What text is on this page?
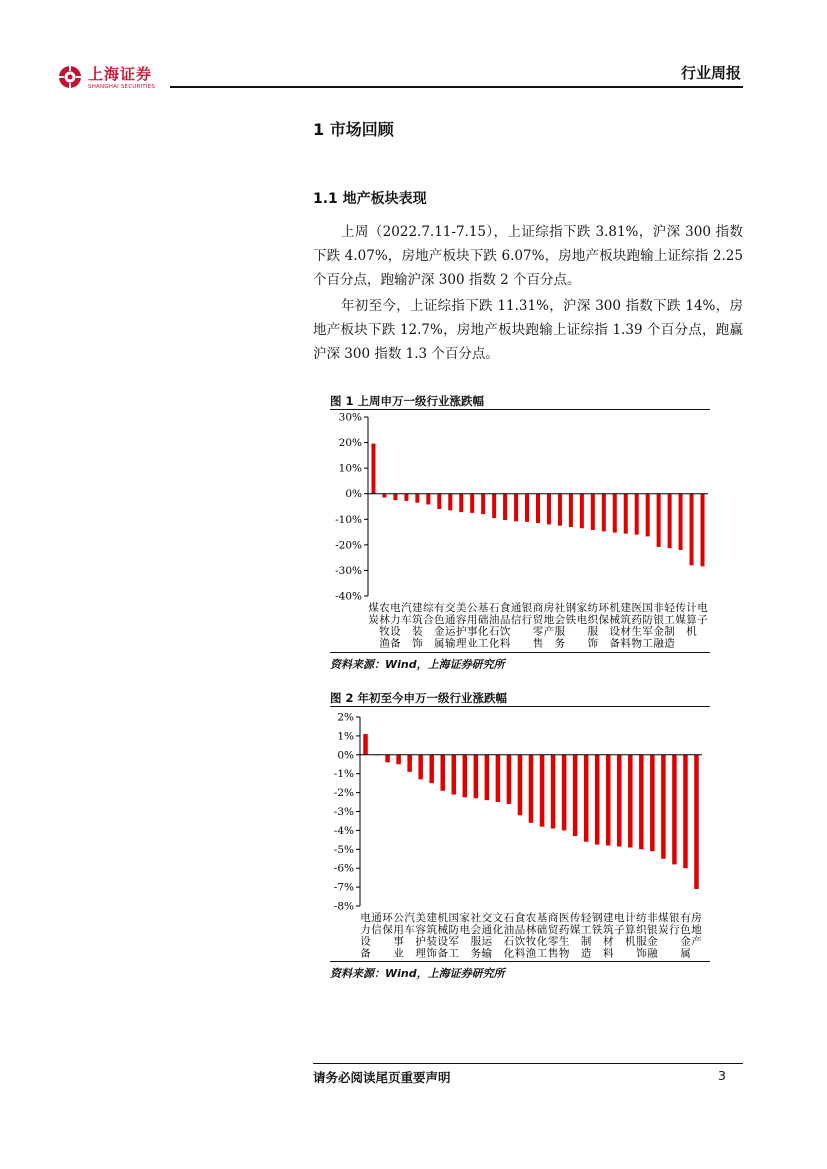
上海证券
SHANGHAI SECURITIES
行业周报
1 市场回顾
1.1 地产板块表现
上周（2022.7.11-7.15），上证综指下跌 3.81%，沪深 300 指数下跌 4.07%，房地产板块下跌 6.07%，房地产板块跑输上证综指 2.25 个百分点，跑输沪深 300 指数 2 个百分点。
年初至今，上证综指下跌 11.31%，沪深 300 指数下跌 14%，房地产板块下跌 12.7%，房地产板块跑输上证综指 1.39 个百分点，跑赢沪深 300 指数 1.3 个百分点。
图 1 上周申万一级行业涨跌幅
30%
20%
10%
0%
-10%
-20%
-30%
-40%
煤炭
农林牧渔
电力设备
汽车
建筑装饰
综合
有色金属
交通运输
美容护理
公用事业
基础化工
石油石化
食品饮料
通信
银行
商贸零售
房地产
社会服务
钢铁
家电
纺织服饰
环保
机械设备
建筑材料
医药生物
国防军工
非银金融
轻工制造
传媒
计算机
电子
资料来源：Wind，上海证券研究所
图 2 年初至今申万一级行业涨跌幅
2%
1%
0%
-1%
-2%
-3%
-4%
-5%
-6%
-7%
-8%
电力设备
通信
环保
公用事业
汽车
美容护理
建筑装饰
机械设备
国防军工
家电
社会服务
交通运输
文化
石油石化
食品饮料
农林牧渔
基础化工
商贸零售
医药生物
传媒
轻工制造
钢铁
建筑材料
电子
计算机
纺织服饰
非银金融
煤炭
银行
有色金属
房地产
资料来源：Wind，上海证券研究所
请务必阅读尾页重要声明	3
